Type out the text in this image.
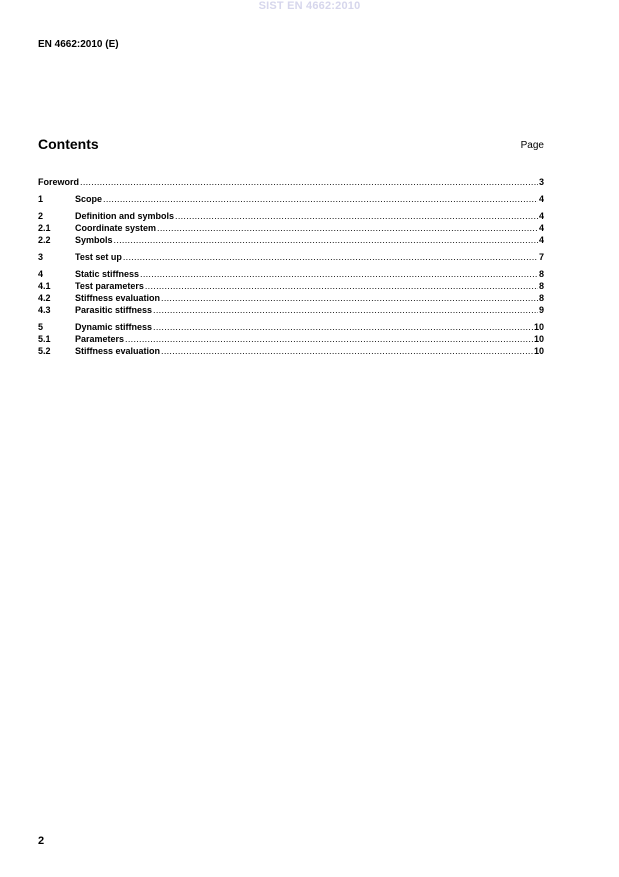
SIST EN 4662:2010
EN 4662:2010 (E)
Contents	Page
Foreword .....	3
1	Scope .....	4
2	Definition and symbols .....	4
2.1	Coordinate system .....	4
2.2	Symbols .....	4
3	Test set up .....	7
4	Static stiffness .....	8
4.1	Test parameters .....	8
4.2	Stiffness evaluation .....	8
4.3	Parasitic stiffness .....	9
5	Dynamic stiffness .....	10
5.1	Parameters .....	10
5.2	Stiffness evaluation .....	10
2
